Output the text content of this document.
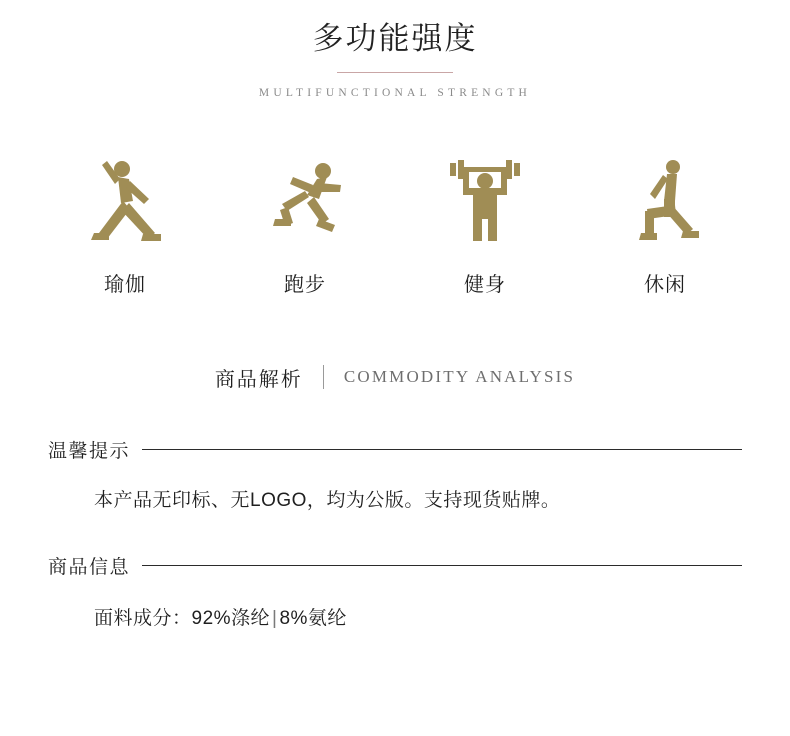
多功能强度
MULTIFUNCTIONAL STRENGTH
瑜伽	跑步	健身	休闲
商品解析 COMMODITY ANALYSIS
温馨提示
本产品无印标、无LOGO，均为公版。支持现货贴牌。
商品信息
面料成分：92%涤纶 | 8%氨纶
